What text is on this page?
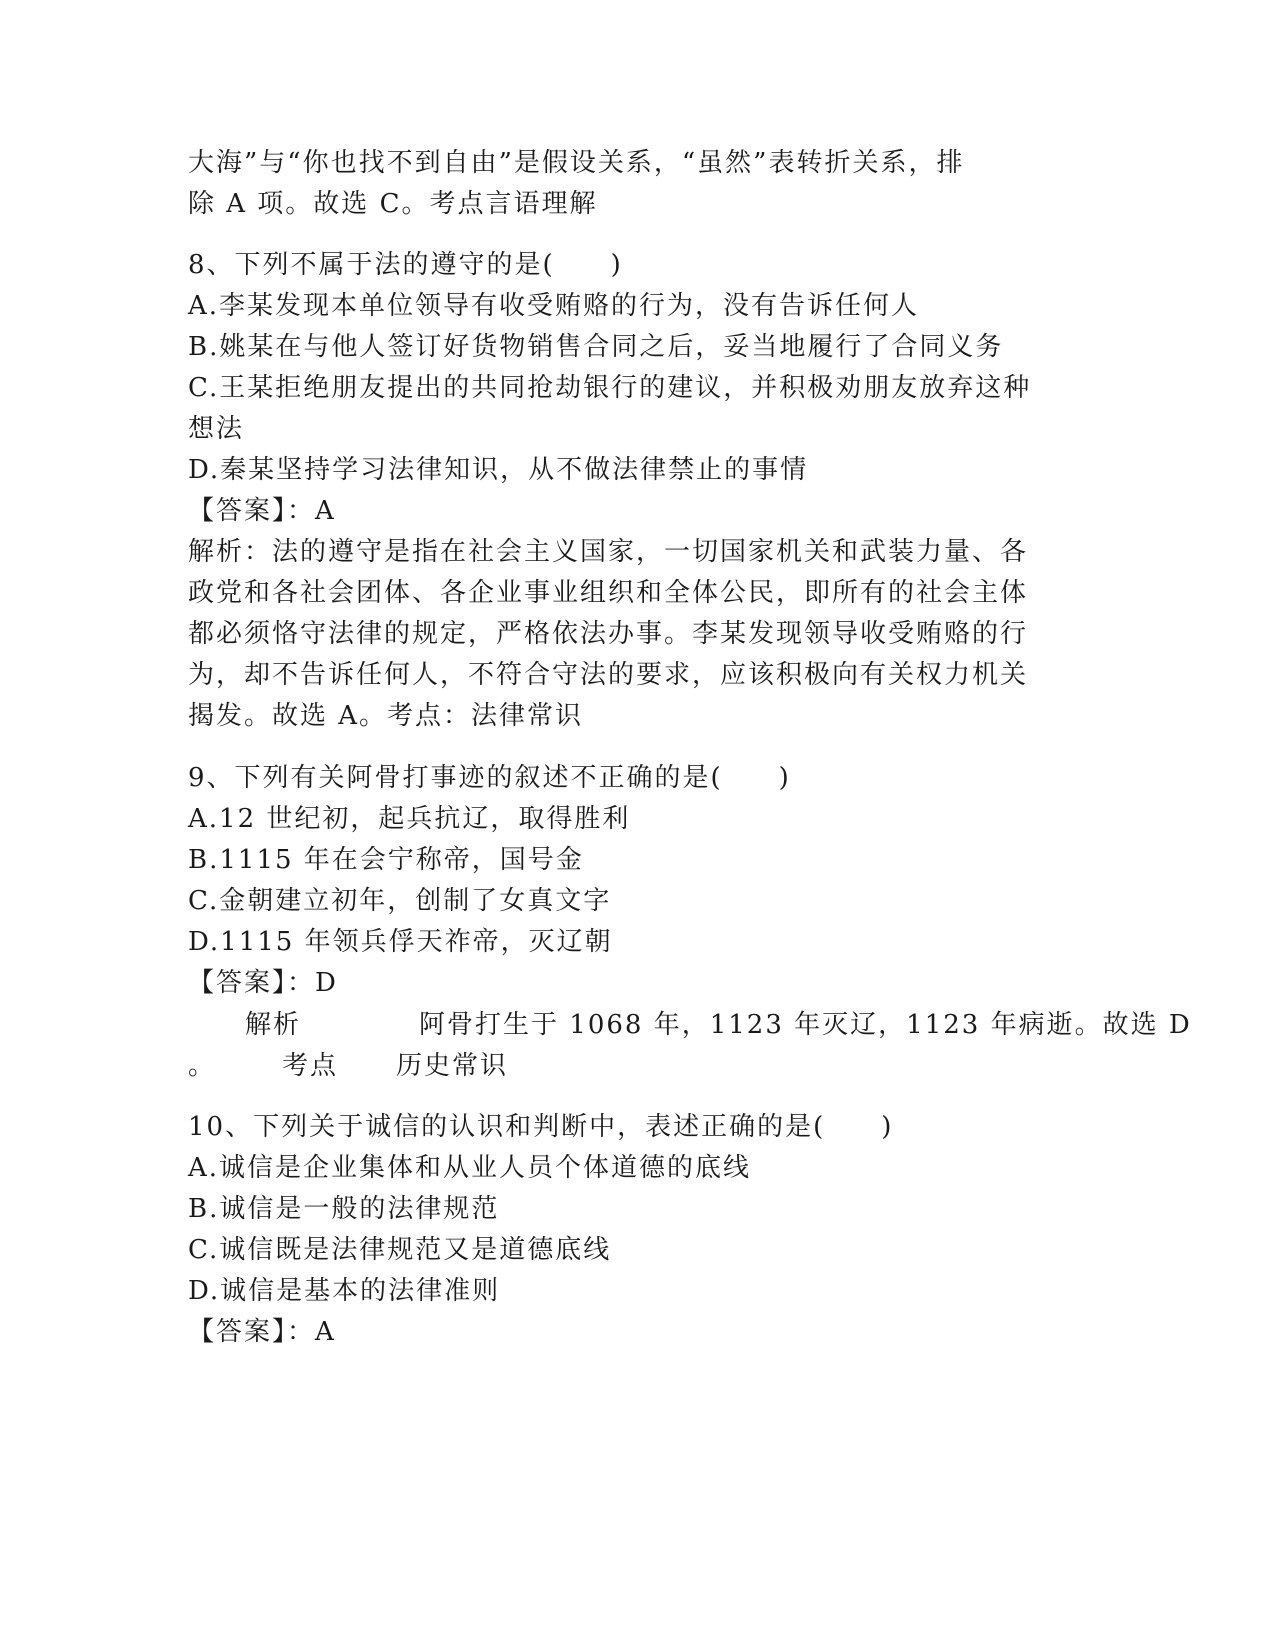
大海”与“你也找不到自由”是假设关系，“虽然”表转折关系，排

除 A 项。故选 C。考点言语理解

8、下列不属于法的遵守的是(　　)

A.李某发现本单位领导有收受贿赂的行为，没有告诉任何人

B.姚某在与他人签订好货物销售合同之后，妥当地履行了合同义务

C.王某拒绝朋友提出的共同抢劫银行的建议，并积极劝朋友放弃这种

想法

D.秦某坚持学习法律知识，从不做法律禁止的事情

【答案】：A

解析：法的遵守是指在社会主义国家，一切国家机关和武装力量、各

政党和各社会团体、各企业事业组织和全体公民，即所有的社会主体

都必须恪守法律的规定，严格依法办事。李某发现领导收受贿赂的行

为，却不告诉任何人，不符合守法的要求，应该积极向有关权力机关

揭发。故选 A。考点：法律常识

9、下列有关阿骨打事迹的叙述不正确的是(　　)

A.12 世纪初，起兵抗辽，取得胜利

B.1115 年在会宁称帝，国号金

C.金朝建立初年，创制了女真文字

D.1115 年领兵俘天祚帝，灭辽朝

【答案】：D

解析	阿骨打生于 1068 年，1123 年灭辽，1123 年病逝。故选 D

。	考点 历史常识

10、下列关于诚信的认识和判断中，表述正确的是(　　)

A.诚信是企业集体和从业人员个体道德的底线

B.诚信是一般的法律规范

C.诚信既是法律规范又是道德底线

D.诚信是基本的法律准则

【答案】：A
